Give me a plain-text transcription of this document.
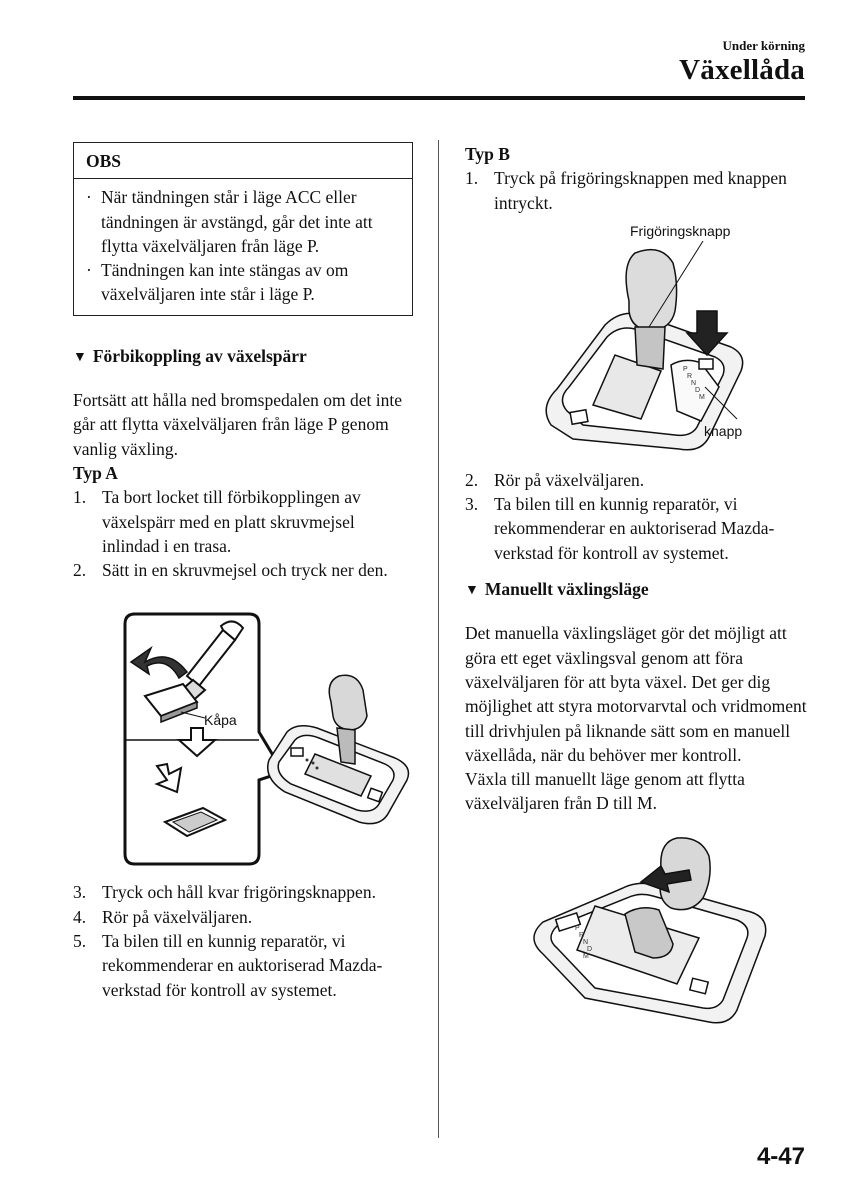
Under körning
Växellåda
OBS
· När tändningen står i läge ACC eller tändningen är avstängd, går det inte att flytta växelväljaren från läge P.
· Tändningen kan inte stängas av om växelväljaren inte står i läge P.
▼ Förbikoppling av växelspärr

Fortsätt att hålla ned bromspedalen om det inte går att flytta växelväljaren från läge P genom vanlig växling.

Typ A
1. Ta bort locket till förbikopplingen av växelspärr med en platt skruvmejsel inlindad i en trasa.
2. Sätt in en skruvmejsel och tryck ner den.
Kåpa
3. Tryck och håll kvar frigöringsknappen.
4. Rör på växelväljaren.
5. Ta bilen till en kunnig reparatör, vi rekommenderar en auktoriserad Mazda-verkstad för kontroll av systemet.
Typ B
1. Tryck på frigöringsknappen med knappen intryckt.
Frigöringsknapp
P
R
N
D
M
knapp
2. Rör på växelväljaren.
3. Ta bilen till en kunnig reparatör, vi rekommenderar en auktoriserad Mazda-verkstad för kontroll av systemet.
▼ Manuellt växlingsläge

Det manuella växlingsläget gör det möjligt att göra ett eget växlingsval genom att föra växelväljaren för att byta växel. Det ger dig möjlighet att styra motorvarvtal och vridmoment till drivhjulen på liknande sätt som en manuell växellåda, när du behöver mer kontroll.

Växla till manuellt läge genom att flytta växelväljaren från D till M.

P
R
N
D
M
4-47
